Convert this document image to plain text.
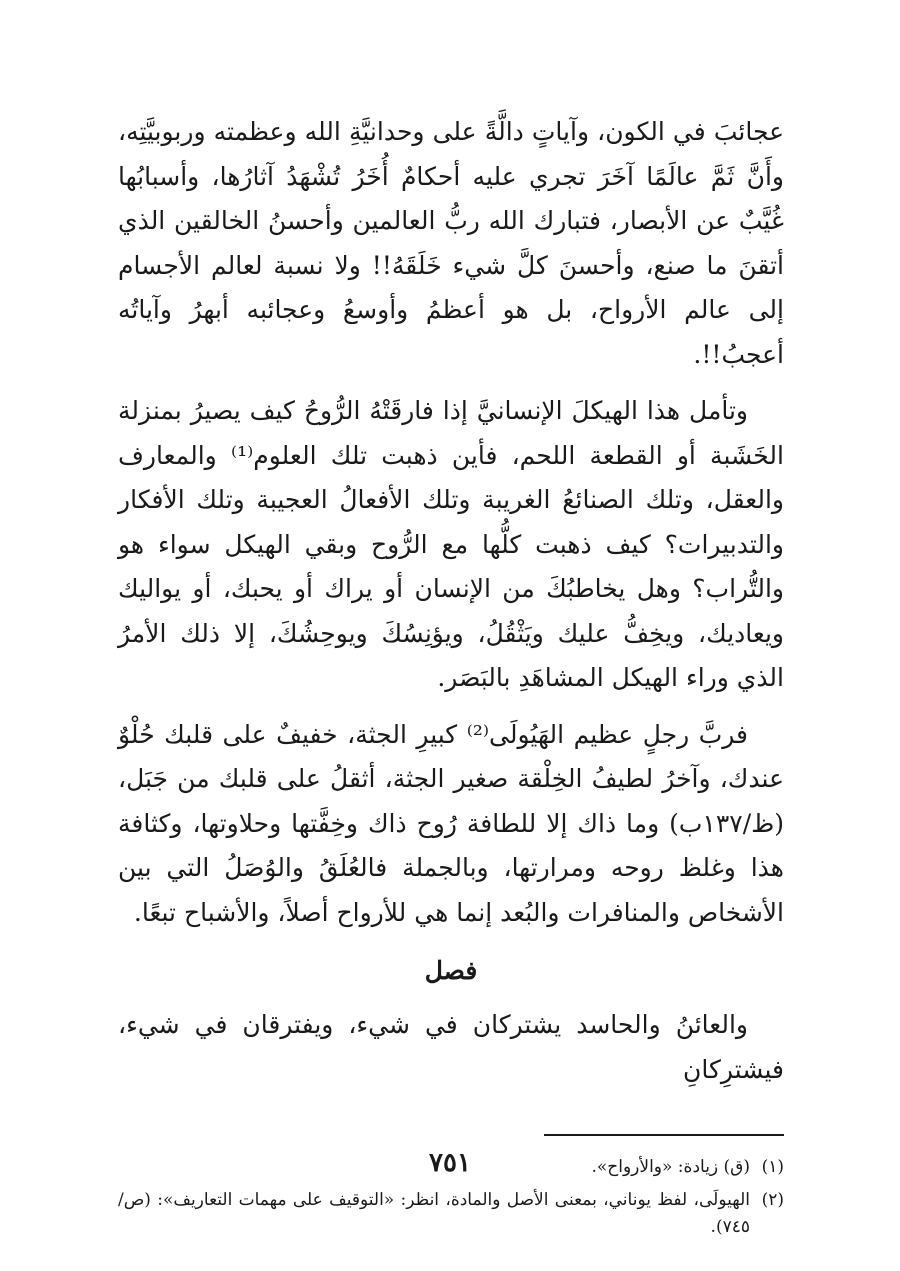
عجائبَ في الكون، وآياتٍ دالَّةً على وحدانيَّةِ الله وعظمته وربوبيَّتِه، وأَنَّ ثَمَّ عالَمًا آخَرَ تجري عليه أحكامٌ أُخَرُ تُشْهَدُ آثارُها، وأسبابُها غُيَّبٌ عن الأبصار، فتبارك الله ربُّ العالمين وأحسنُ الخالقين الذي أتقنَ ما صنع، وأحسنَ كلَّ شيء خَلَقَهُ!! ولا نسبة لعالم الأجسام إلى عالم الأرواح، بل هو أعظمُ وأوسعُ وعجائبه أبهرُ وآياتُه أعجبُ!!.

وتأمل هذا الهيكلَ الإنسانيَّ إذا فارقَتْهُ الرُّوحُ كيف يصيرُ بمنزلة الخَشَبة أو القطعة اللحم، فأين ذهبت تلك العلوم⁽¹⁾ والمعارف والعقل، وتلك الصنائعُ الغريبة وتلك الأفعالُ العجيبة وتلك الأفكار والتدبيرات؟ كيف ذهبت كلُّها مع الرُّوح وبقي الهيكل سواء هو والتُّراب؟ وهل يخاطبُكَ من الإنسان أو يراك أو يحبك، أو يواليك ويعاديك، ويخِفُّ عليك ويَثْقُلُ، ويؤنِسُكَ ويوحِشُكَ، إلا ذلك الأمرُ الذي وراء الهيكل المشاهَدِ بالبَصَر.

فربَّ رجلٍ عظيم الهَيُولَى⁽²⁾ كبيرِ الجثة، خفيفٌ على قلبك حُلْوٌ عندك، وآخرُ لطيفُ الخِلْقة صغير الجثة، أثقلُ على قلبك من جَبَل، (ظ/١٣٧ب) وما ذاك إلا للطافة رُوح ذاك وخِفَّتها وحلاوتها، وكثافة هذا وغلظ روحه ومرارتها، وبالجملة فالعُلَقُ والوُصَلُ التي بين الأشخاص والمنافرات والبُعد إنما هي للأرواح أصلاً، والأشباح تبعًا.

فصل

والعائنُ والحاسد يشتركان في شيء، ويفترقان في شيء، فيشترِكانِ

(١)
(ق) زيادة: «والأرواح».
(٢)
الهيولَى، لفظ يوناني، بمعنى الأصل والمادة، انظر: «التوقيف على مهمات التعاريف»: (ص/٧٤٥).
٧٥١
